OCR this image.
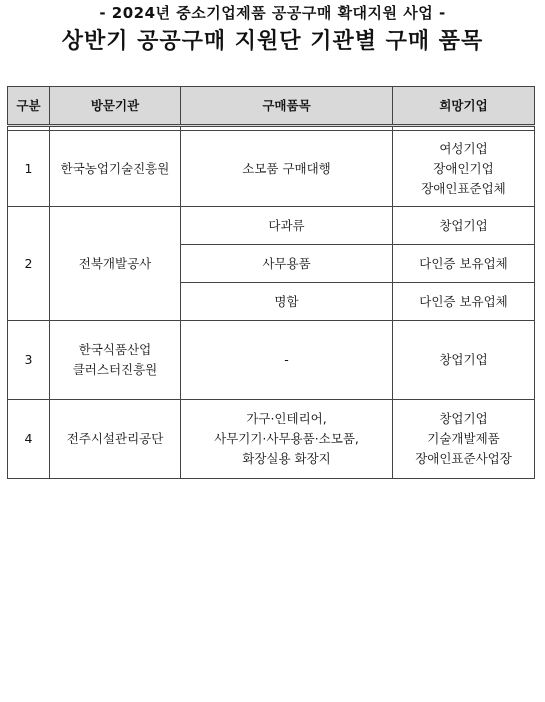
- 2024년 중소기업제품 공공구매 확대지원 사업 -
상반기 공공구매 지원단 기관별 구매 품목
구분	방문기관	구매품목	희망기업

1	한국농업기술진흥원	소모품 구매대행	여성기업
장애인기업
장애인표준업체

2	전북개발공사	다과류	창업기업

		사무용품	다인증 보유업체

		명함	다인증 보유업체

3	한국식품산업
클러스터진흥원	-	창업기업

4	전주시설관리공단	가구·인테리어,
사무기기·사무용품·소모품,
화장실용 화장지	창업기업
기술개발제품
장애인표준사업장
